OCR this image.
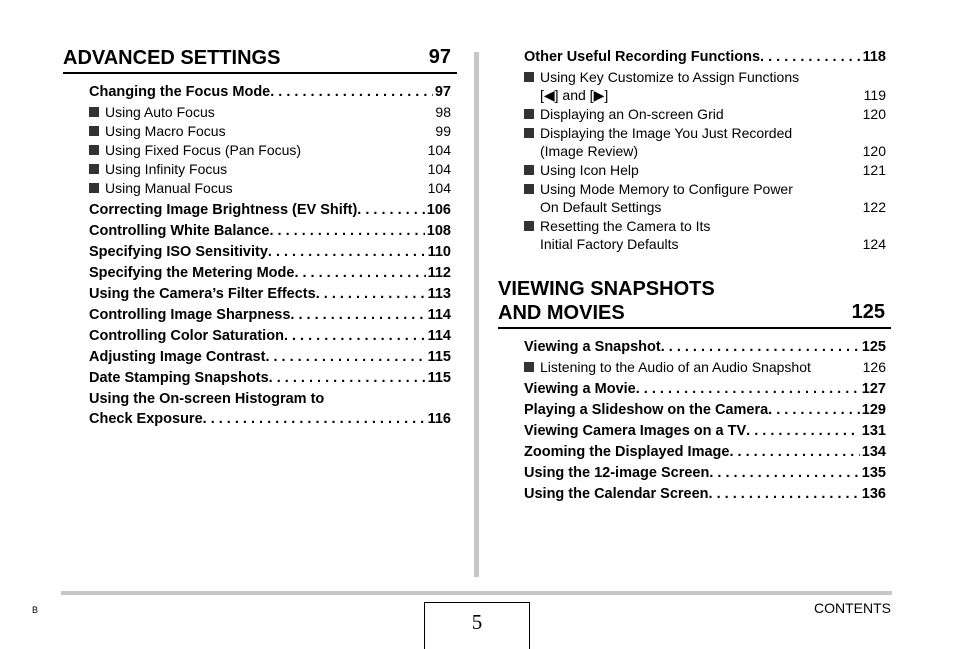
ADVANCED SETTINGS	97
Changing the Focus Mode . . .	97
Using Auto Focus	98
Using Macro Focus	99
Using Fixed Focus (Pan Focus)	104
Using Infinity Focus	104
Using Manual Focus	104
Correcting Image Brightness (EV Shift) . . .	106
Controlling White Balance . . .	108
Specifying ISO Sensitivity . . .	110
Specifying the Metering Mode . . .	112
Using the Camera’s Filter Effects . . .	113
Controlling Image Sharpness . . .	114
Controlling Color Saturation . . .	114
Adjusting Image Contrast . . .	115
Date Stamping Snapshots . . .	115
Using the On-screen Histogram to
Check Exposure . . .	116
Other Useful Recording Functions . . .	118
Using Key Customize to Assign Functions
[◀] and [▶]	119
Displaying an On-screen Grid	120
Displaying the Image You Just Recorded
(Image Review)	120
Using Icon Help	121
Using Mode Memory to Configure Power
On Default Settings	122
Resetting the Camera to Its
Initial Factory Defaults	124
VIEWING SNAPSHOTS
AND MOVIES	125
Viewing a Snapshot . . .	125
Listening to the Audio of an Audio Snapshot	126
Viewing a Movie . . .	127
Playing a Slideshow on the Camera . . .	129
Viewing Camera Images on a TV . . .	131
Zooming the Displayed Image . . .	134
Using the 12-image Screen . . .	135
Using the Calendar Screen . . .	136
B	5
CONTENTS
